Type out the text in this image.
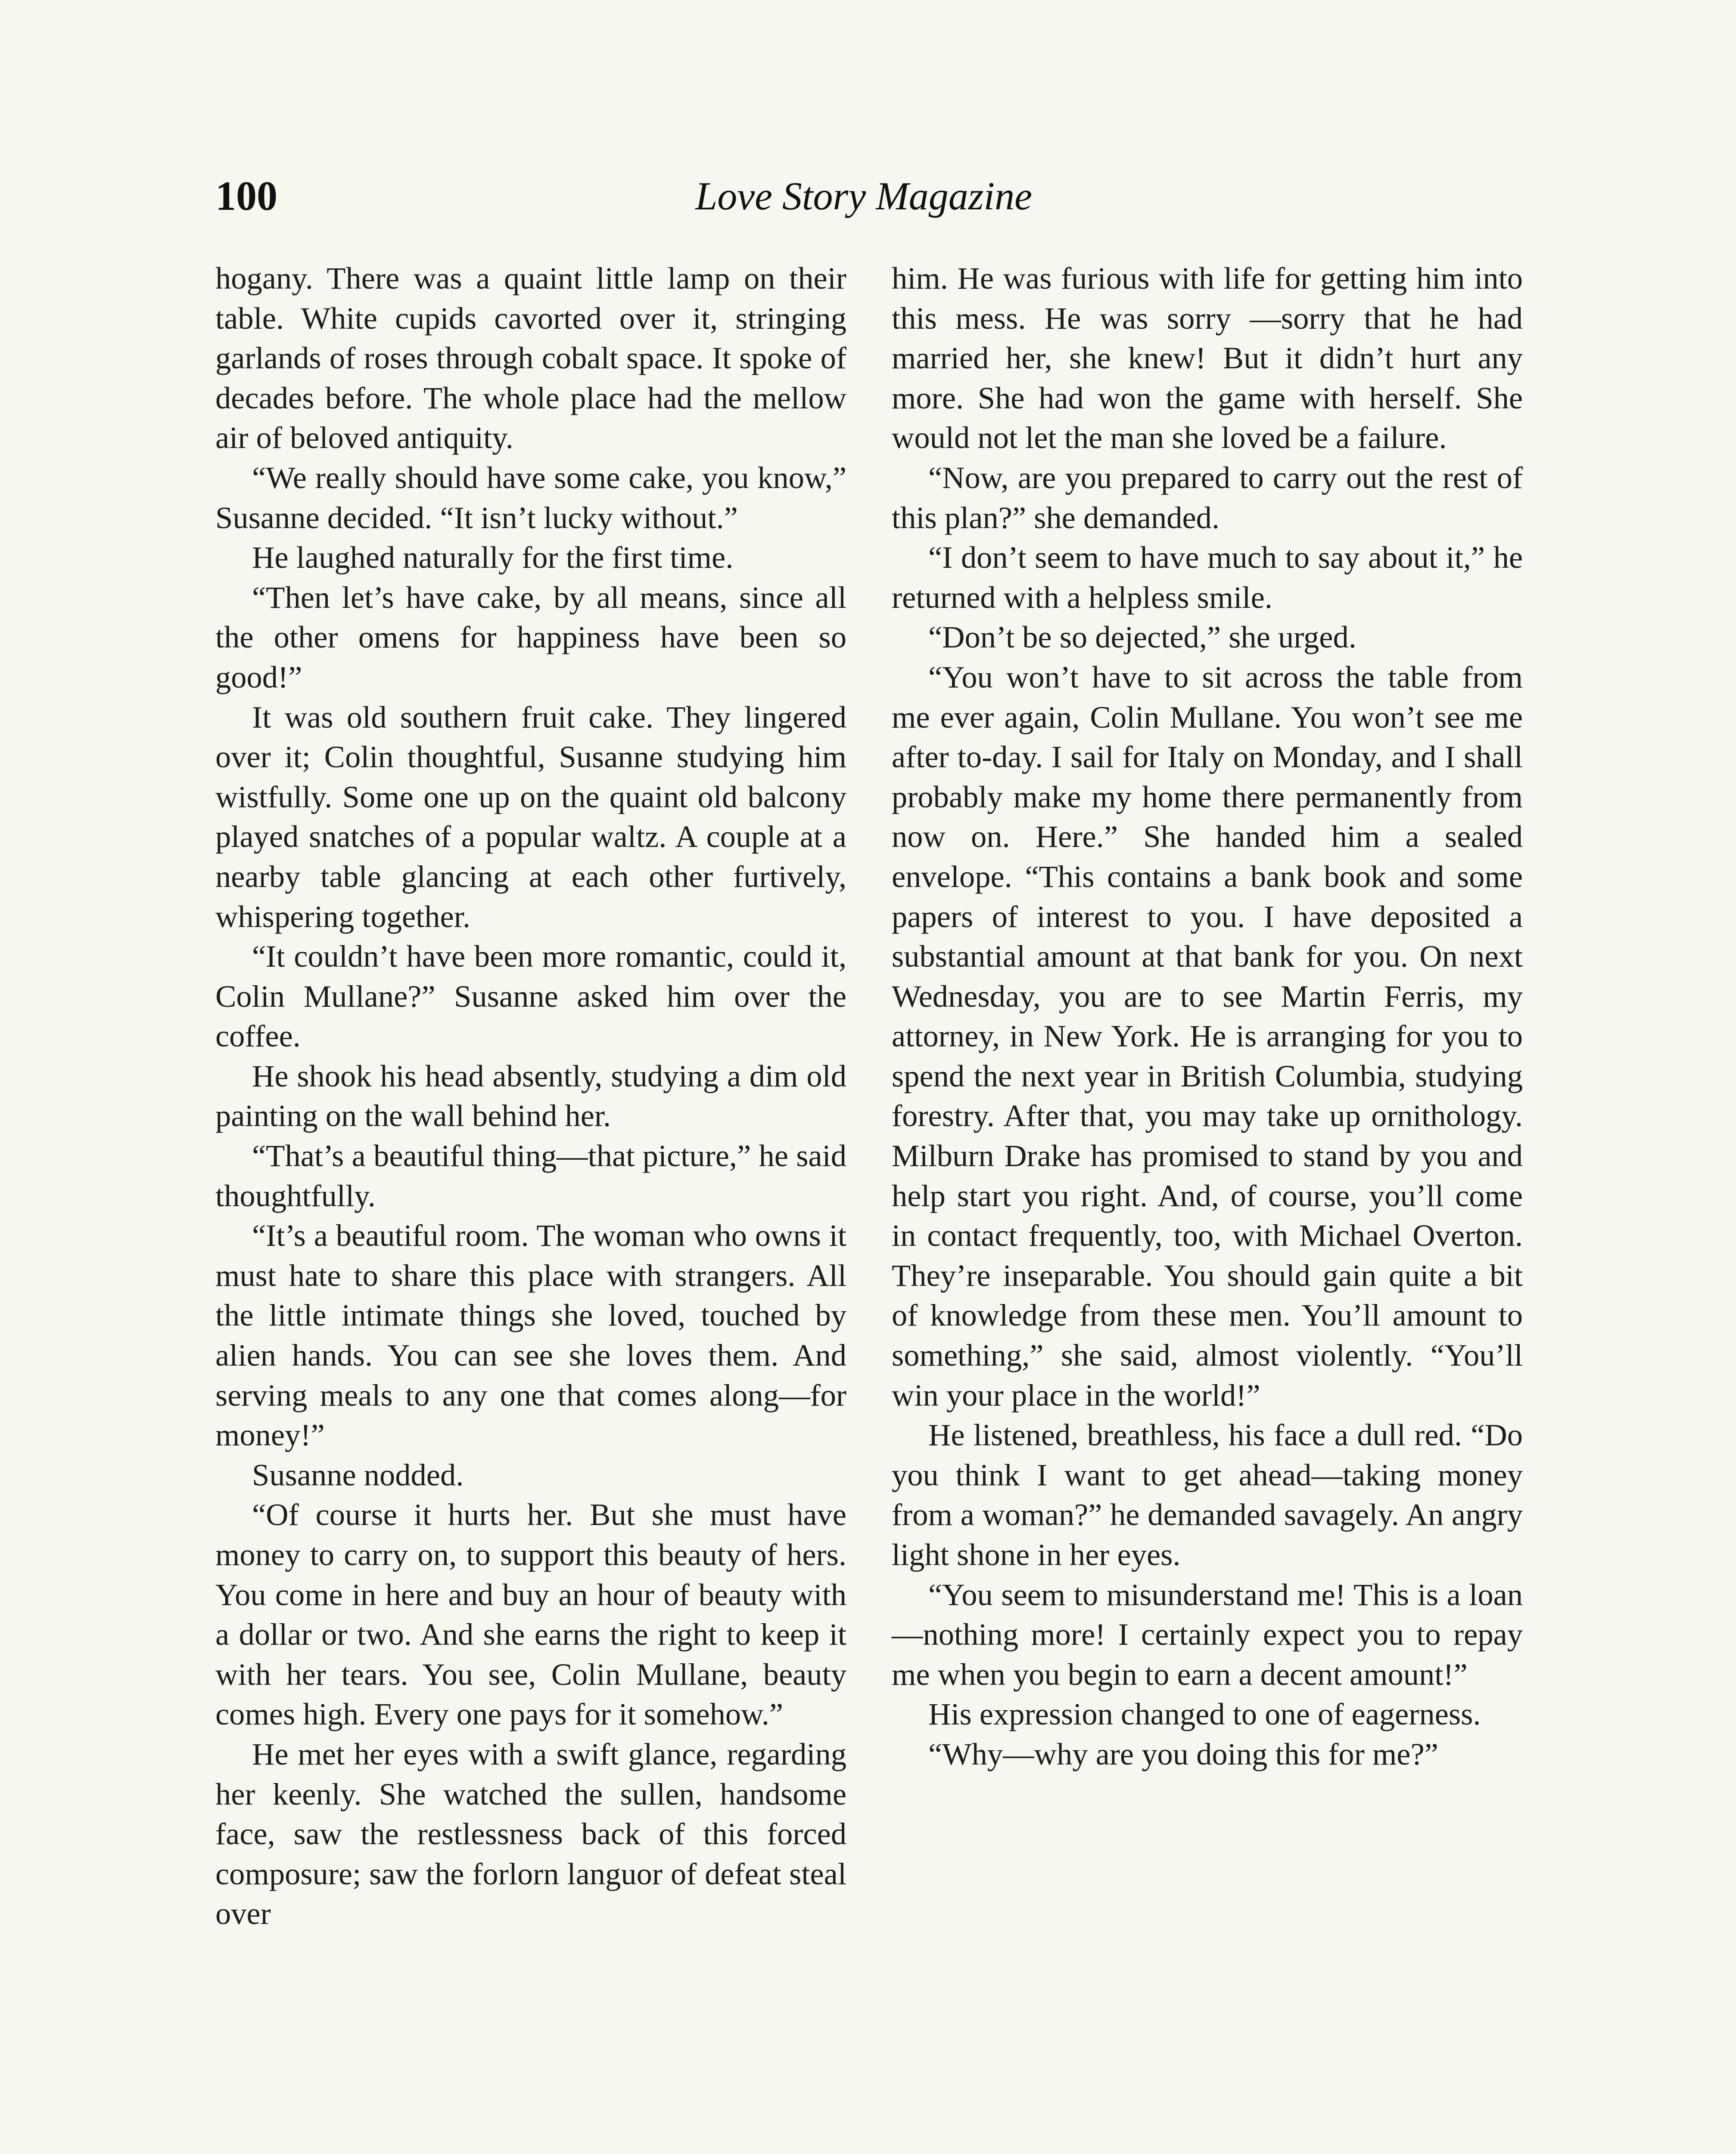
100	Love Story Magazine

hogany. There was a quaint little lamp on their table. White cupids cavorted over it, stringing garlands of roses through cobalt space. It spoke of decades before. The whole place had the mellow air of beloved antiquity.

“We really should have some cake, you know,” Susanne decided. “It isn’t lucky without.”

He laughed naturally for the first time.

“Then let’s have cake, by all means, since all the other omens for happiness have been so good!”

It was old southern fruit cake. They lingered over it; Colin thoughtful, Susanne studying him wistfully. Some one up on the quaint old balcony played snatches of a popular waltz. A couple at a nearby table glancing at each other furtively, whispering together.

“It couldn’t have been more romantic, could it, Colin Mullane?” Susanne asked him over the coffee.

He shook his head absently, studying a dim old painting on the wall behind her.

“That’s a beautiful thing—that picture,” he said thoughtfully.

“It’s a beautiful room. The woman who owns it must hate to share this place with strangers. All the little intimate things she loved, touched by alien hands. You can see she loves them. And serving meals to any one that comes along—for money!”

Susanne nodded.

“Of course it hurts her. But she must have money to carry on, to support this beauty of hers. You come in here and buy an hour of beauty with a dollar or two. And she earns the right to keep it with her tears. You see, Colin Mullane, beauty comes high. Every one pays for it somehow.”

He met her eyes with a swift glance, regarding her keenly. She watched the sullen, handsome face, saw the restlessness back of this forced composure; saw the forlorn languor of defeat steal over

him. He was furious with life for getting him into this mess. He was sorry —sorry that he had married her, she knew! But it didn’t hurt any more. She had won the game with herself. She would not let the man she loved be a failure.

“Now, are you prepared to carry out the rest of this plan?” she demanded.

“I don’t seem to have much to say about it,” he returned with a helpless smile.

“Don’t be so dejected,” she urged.

“You won’t have to sit across the table from me ever again, Colin Mullane. You won’t see me after to-day. I sail for Italy on Monday, and I shall probably make my home there permanently from now on. Here.” She handed him a sealed envelope. “This contains a bank book and some papers of interest to you. I have deposited a substantial amount at that bank for you. On next Wednesday, you are to see Martin Ferris, my attorney, in New York. He is arranging for you to spend the next year in British Columbia, studying forestry. After that, you may take up ornithology. Milburn Drake has promised to stand by you and help start you right. And, of course, you’ll come in contact frequently, too, with Michael Overton. They’re inseparable. You should gain quite a bit of knowledge from these men. You’ll amount to something,” she said, almost violently. “You’ll win your place in the world!”

He listened, breathless, his face a dull red. “Do you think I want to get ahead—taking money from a woman?” he demanded savagely. An angry light shone in her eyes.

“You seem to misunderstand me! This is a loan—nothing more! I certainly expect you to repay me when you begin to earn a decent amount!”

His expression changed to one of eagerness.

“Why—why are you doing this for me?”
